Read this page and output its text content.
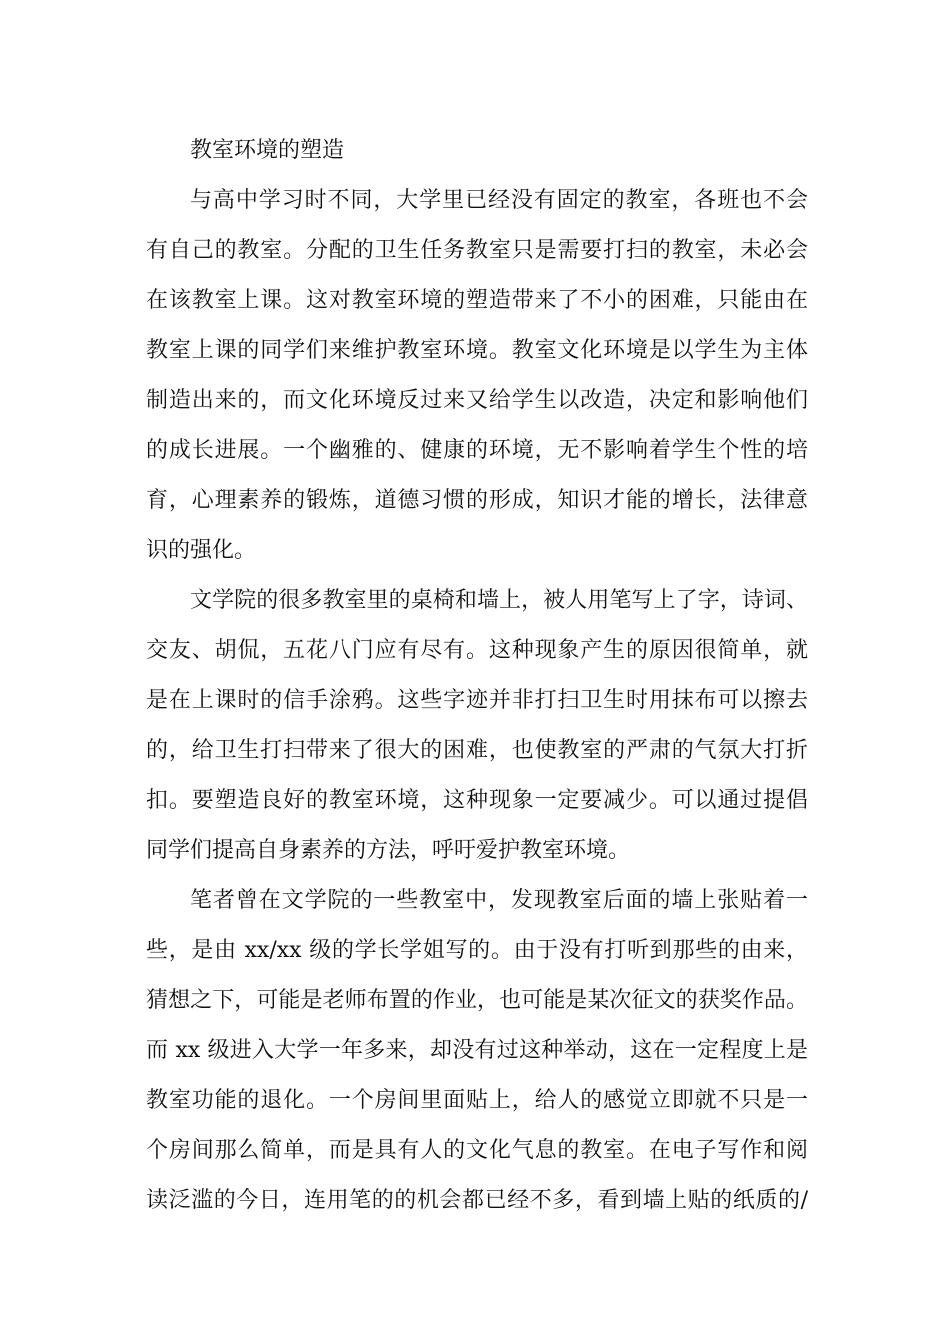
教室环境的塑造
与高中学习时不同，大学里已经没有固定的教室，各班也不会
有自己的教室。分配的卫生任务教室只是需要打扫的教室，未必会
在该教室上课。这对教室环境的塑造带来了不小的困难，只能由在
教室上课的同学们来维护教室环境。教室文化环境是以学生为主体
制造出来的，而文化环境反过来又给学生以改造，决定和影响他们
的成长进展。一个幽雅的、健康的环境，无不影响着学生个性的培
育，心理素养的锻炼，道德习惯的形成，知识才能的增长，法律意
识的强化。
文学院的很多教室里的桌椅和墙上，被人用笔写上了字，诗词、
交友、胡侃，五花八门应有尽有。这种现象产生的原因很简单，就
是在上课时的信手涂鸦。这些字迹并非打扫卫生时用抹布可以擦去
的，给卫生打扫带来了很大的困难，也使教室的严肃的气氛大打折
扣。要塑造良好的教室环境，这种现象一定要减少。可以通过提倡
同学们提高自身素养的方法，呼吁爱护教室环境。
笔者曾在文学院的一些教室中，发现教室后面的墙上张贴着一
些，是由 xx/xx 级的学长学姐写的。由于没有打听到那些的由来，
猜想之下，可能是老师布置的作业，也可能是某次征文的获奖作品。
而 xx 级进入大学一年多来，却没有过这种举动，这在一定程度上是
教室功能的退化。一个房间里面贴上，给人的感觉立即就不只是一
个房间那么简单，而是具有人的文化气息的教室。在电子写作和阅
读泛滥的今日，连用笔的的机会都已经不多，看到墙上贴的纸质的/
